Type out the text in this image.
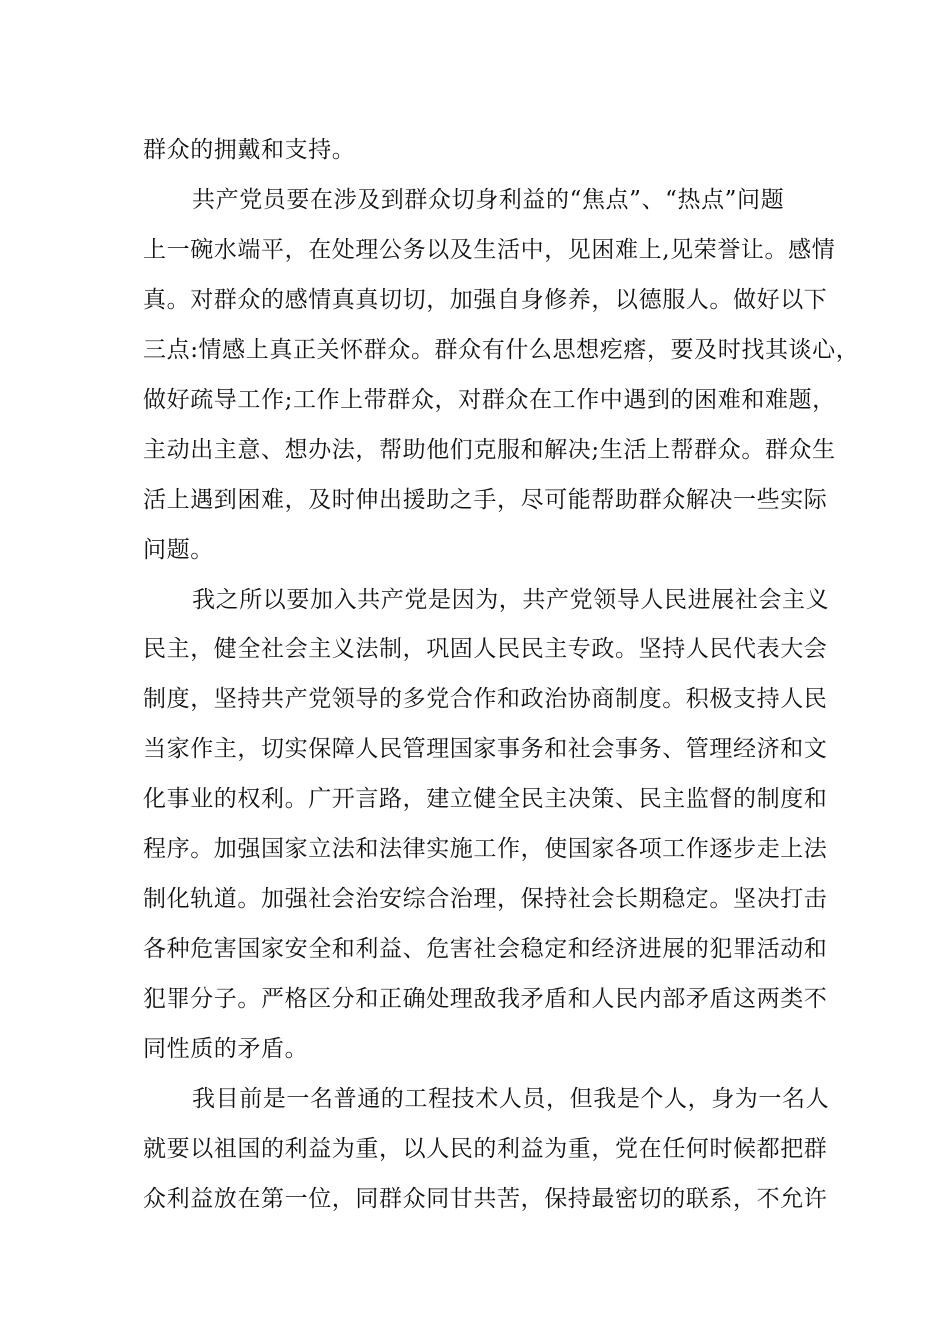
群众的拥戴和支持。
共产党员要在涉及到群众切身利益的“焦点”、“热点”问题
上一碗水端平，在处理公务以及生活中，见困难上,见荣誉让。感情
真。对群众的感情真真切切，加强自身修养，以德服人。做好以下
三点:情感上真正关怀群众。群众有什么思想疙瘩，要及时找其谈心，
做好疏导工作;工作上带群众，对群众在工作中遇到的困难和难题，
主动出主意、想办法，帮助他们克服和解决;生活上帮群众。群众生
活上遇到困难，及时伸出援助之手，尽可能帮助群众解决一些实际
问题。
我之所以要加入共产党是因为，共产党领导人民进展社会主义
民主，健全社会主义法制，巩固人民民主专政。坚持人民代表大会
制度，坚持共产党领导的多党合作和政治协商制度。积极支持人民
当家作主，切实保障人民管理国家事务和社会事务、管理经济和文
化事业的权利。广开言路，建立健全民主决策、民主监督的制度和
程序。加强国家立法和法律实施工作，使国家各项工作逐步走上法
制化轨道。加强社会治安综合治理，保持社会长期稳定。坚决打击
各种危害国家安全和利益、危害社会稳定和经济进展的犯罪活动和
犯罪分子。严格区分和正确处理敌我矛盾和人民内部矛盾这两类不
同性质的矛盾。
我目前是一名普通的工程技术人员，但我是个人，身为一名人
就要以祖国的利益为重，以人民的利益为重，党在任何时候都把群
众利益放在第一位，同群众同甘共苦，保持最密切的联系，不允许
